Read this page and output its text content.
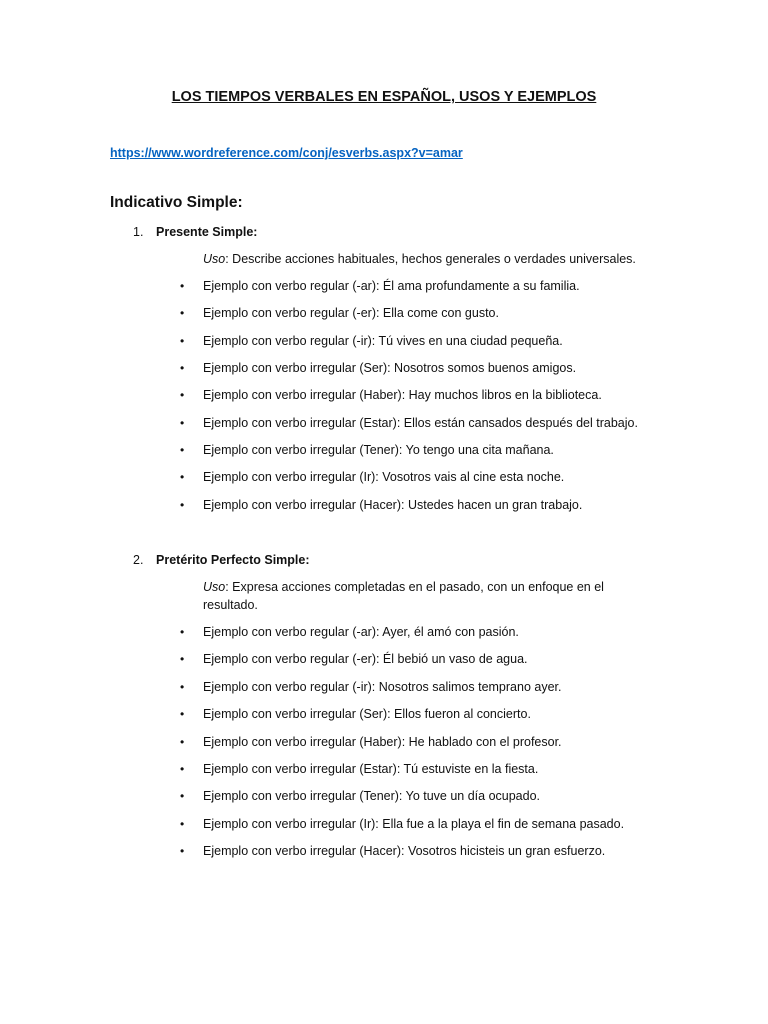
LOS TIEMPOS VERBALES EN ESPAÑOL, USOS Y EJEMPLOS
https://www.wordreference.com/conj/esverbs.aspx?v=amar
Indicativo Simple:
1. Presente Simple:
Uso: Describe acciones habituales, hechos generales o verdades universales.
• Ejemplo con verbo regular (-ar): Él ama profundamente a su familia.
• Ejemplo con verbo regular (-er): Ella come con gusto.
• Ejemplo con verbo regular (-ir): Tú vives en una ciudad pequeña.
• Ejemplo con verbo irregular (Ser): Nosotros somos buenos amigos.
• Ejemplo con verbo irregular (Haber): Hay muchos libros en la biblioteca.
• Ejemplo con verbo irregular (Estar): Ellos están cansados después del trabajo.
• Ejemplo con verbo irregular (Tener): Yo tengo una cita mañana.
• Ejemplo con verbo irregular (Ir): Vosotros vais al cine esta noche.
• Ejemplo con verbo irregular (Hacer): Ustedes hacen un gran trabajo.
2. Pretérito Perfecto Simple:
Uso: Expresa acciones completadas en el pasado, con un enfoque en el resultado.
• Ejemplo con verbo regular (-ar): Ayer, él amó con pasión.
• Ejemplo con verbo regular (-er): Él bebió un vaso de agua.
• Ejemplo con verbo regular (-ir): Nosotros salimos temprano ayer.
• Ejemplo con verbo irregular (Ser): Ellos fueron al concierto.
• Ejemplo con verbo irregular (Haber): He hablado con el profesor.
• Ejemplo con verbo irregular (Estar): Tú estuviste en la fiesta.
• Ejemplo con verbo irregular (Tener): Yo tuve un día ocupado.
• Ejemplo con verbo irregular (Ir): Ella fue a la playa el fin de semana pasado.
• Ejemplo con verbo irregular (Hacer): Vosotros hicisteis un gran esfuerzo.
